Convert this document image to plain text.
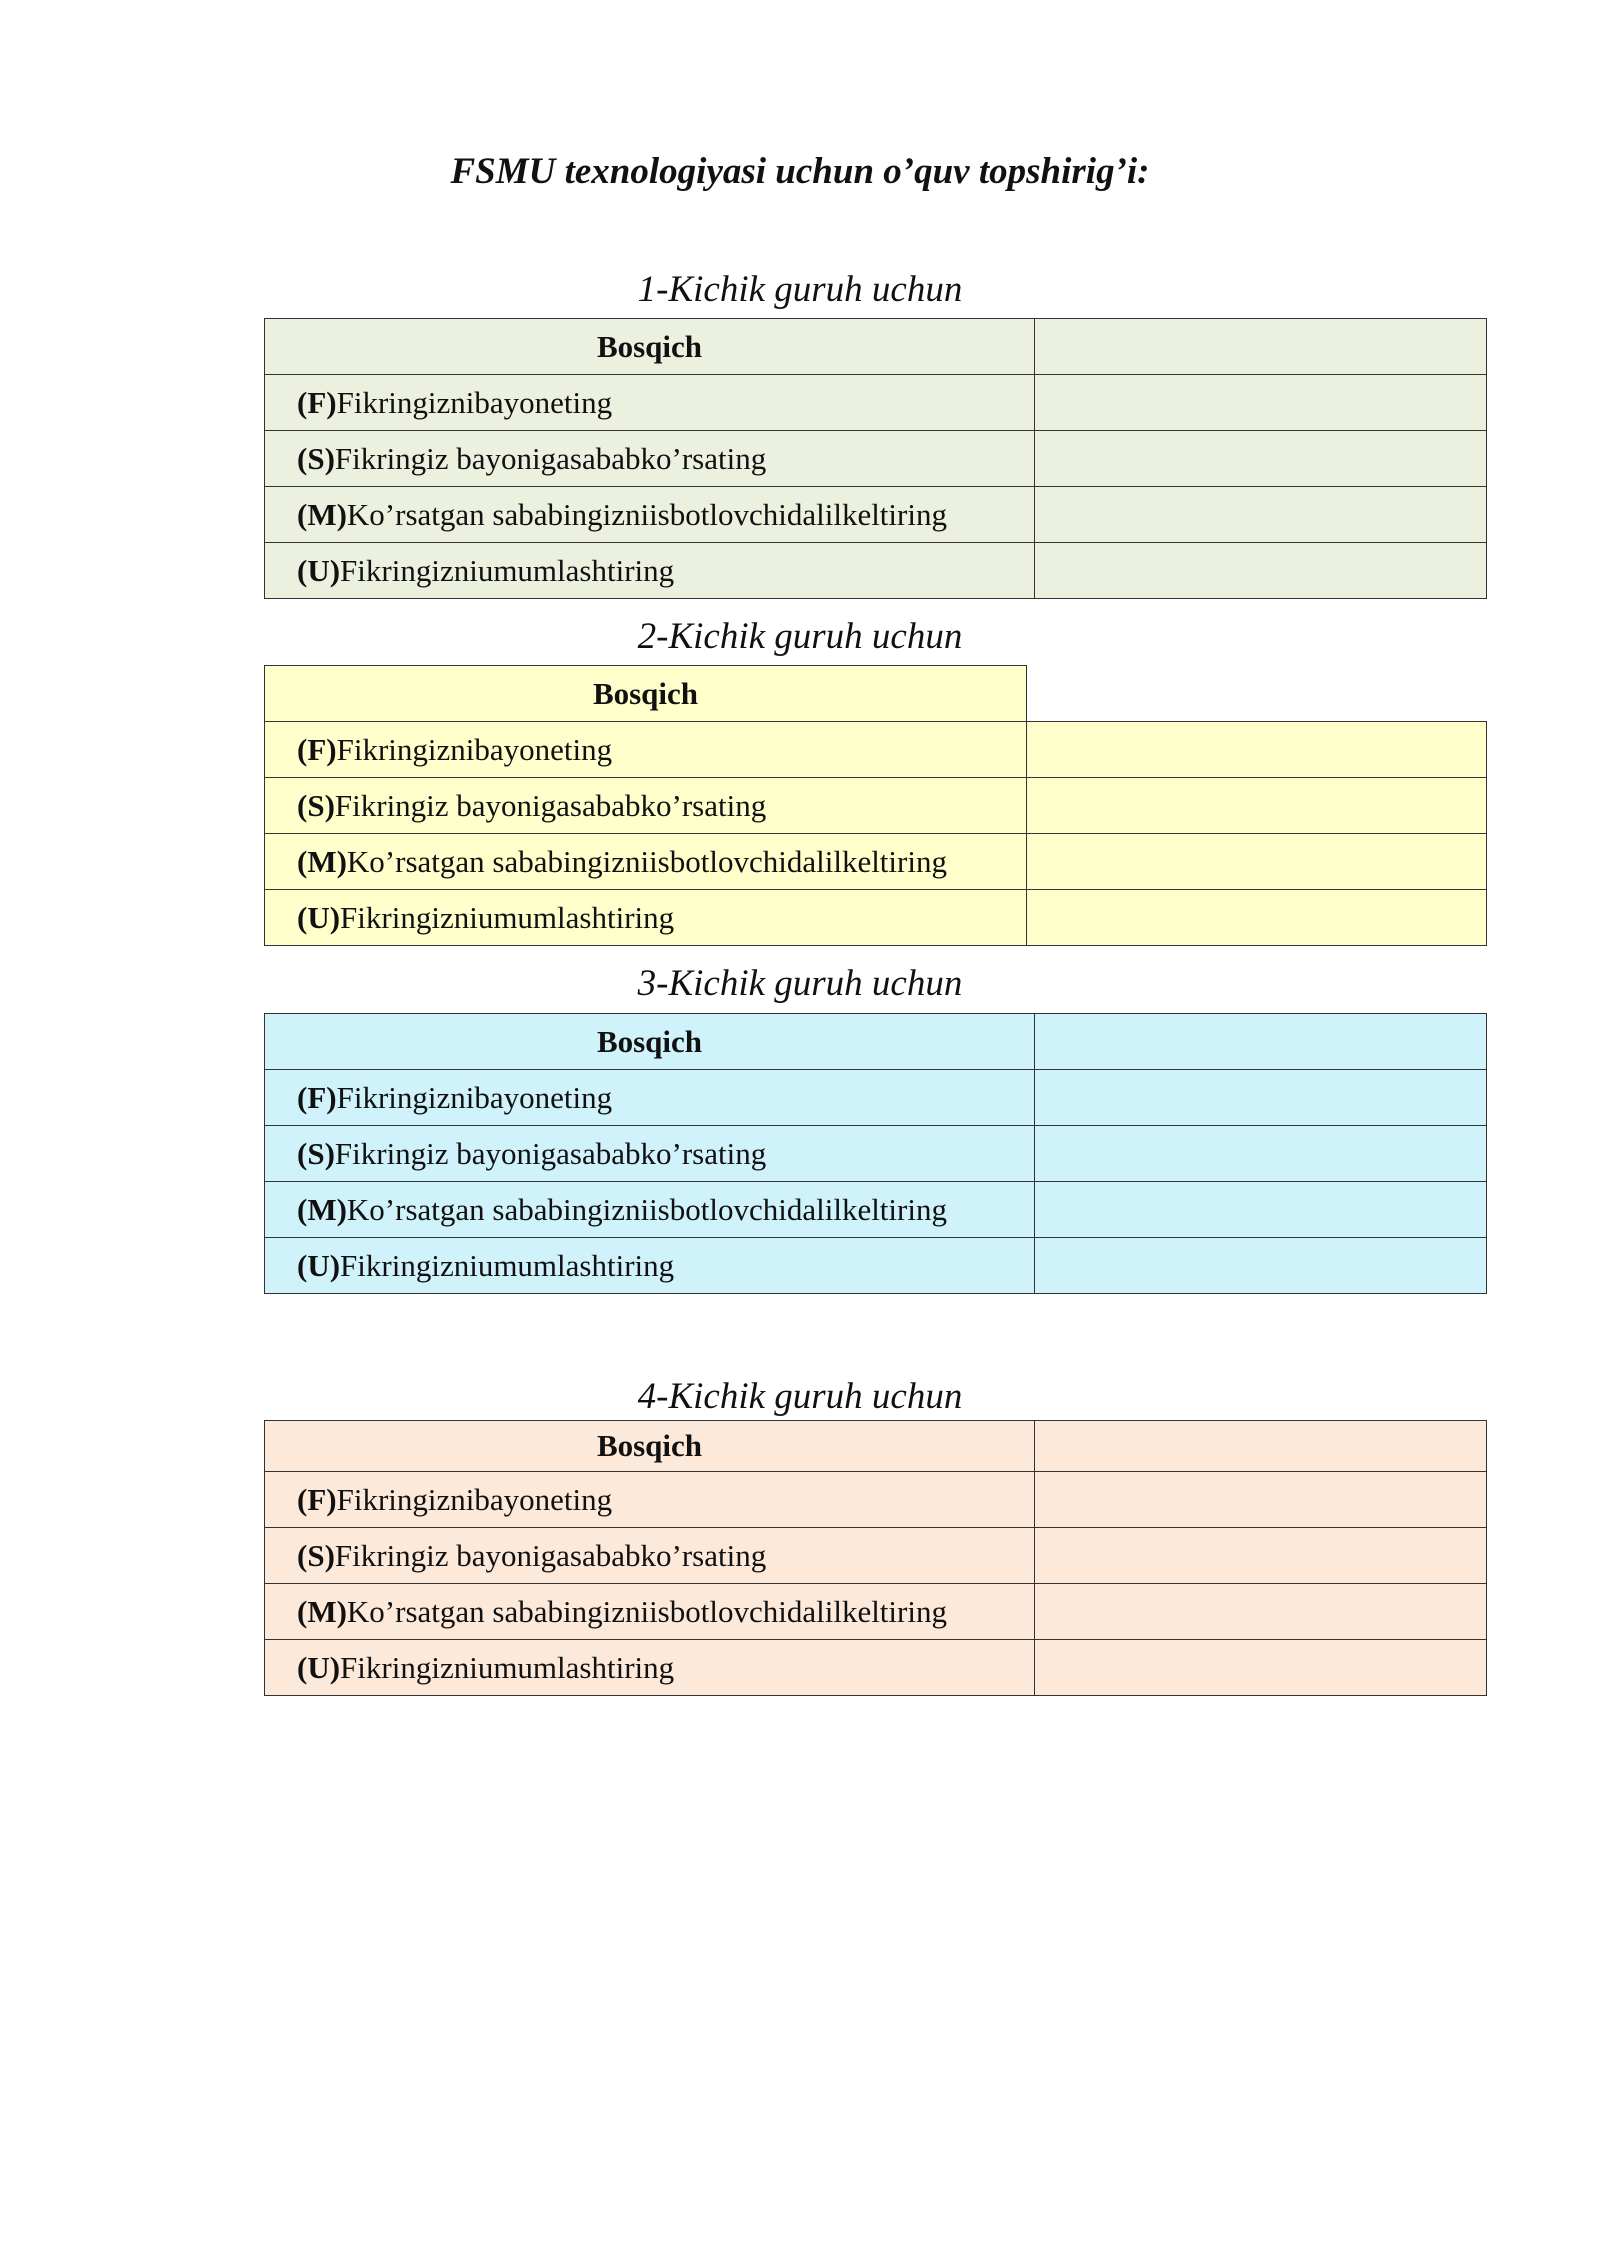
FSMU texnologiyasi uchun o’quv topshirig’i:
1-Kichik guruh uchun
Bosqich	
(F)Fikringiznibayoneting	
(S)Fikringiz bayonigasababko’rsating	
(M)Ko’rsatgan sababingizniisbotlovchidalilkeltiring	
(U)Fikringizniumumlashtiring	
2-Kichik guruh uchun
Bosqich	
(F)Fikringiznibayoneting	
(S)Fikringiz bayonigasababko’rsating	
(M)Ko’rsatgan sababingizniisbotlovchidalilkeltiring	
(U)Fikringizniumumlashtiring	
3-Kichik guruh uchun
Bosqich	
(F)Fikringiznibayoneting	
(S)Fikringiz bayonigasababko’rsating	
(M)Ko’rsatgan sababingizniisbotlovchidalilkeltiring	
(U)Fikringizniumumlashtiring	
4-Kichik guruh uchun
Bosqich	
(F)Fikringiznibayoneting	
(S)Fikringiz bayonigasababko’rsating	
(M)Ko’rsatgan sababingizniisbotlovchidalilkeltiring	
(U)Fikringizniumumlashtiring	
